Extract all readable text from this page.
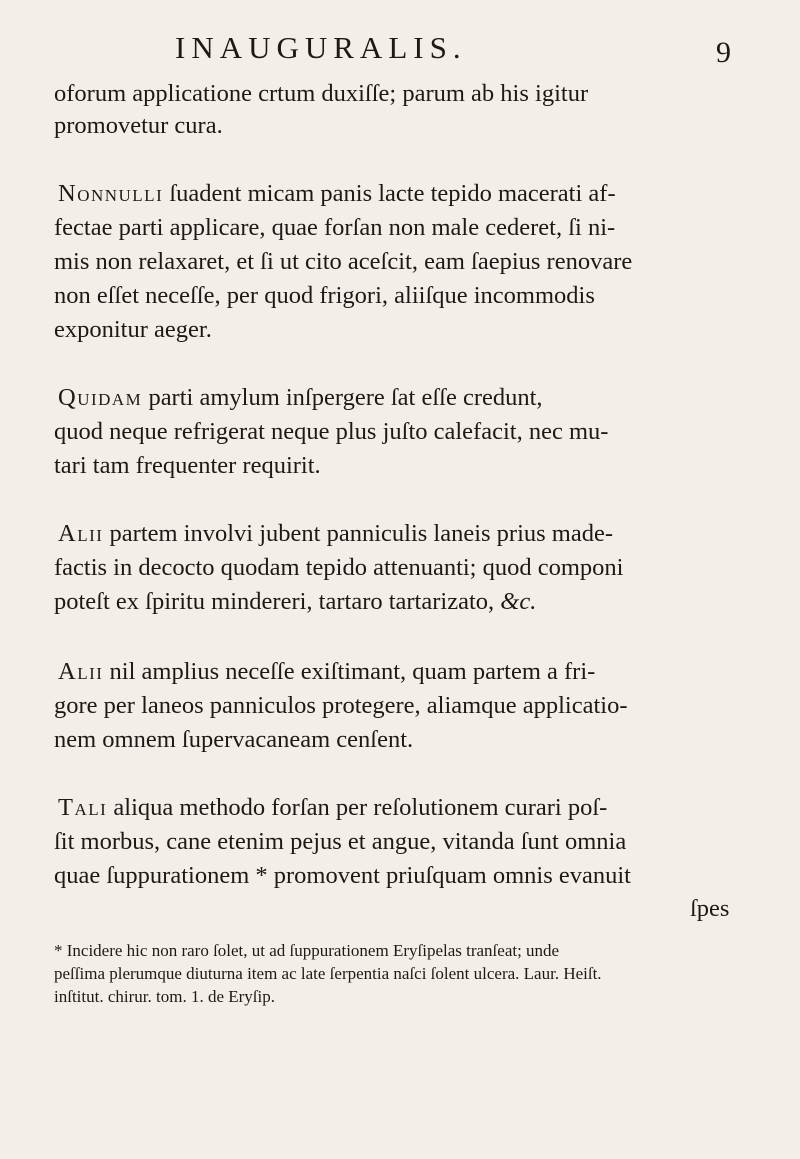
INAUGURALIS.	9
oforum applicatione crtum duxiſſe; parum ab his igitur
promovetur cura.
Nonnulli ſuadent micam panis lacte tepido macerati af-
fectae parti applicare, quae forſan non male cederet, ſi ni-
mis non relaxaret, et ſi ut cito aceſcit, eam ſaepius renovare
non eſſet neceſſe, per quod frigori, aliiſque incommodis
exponitur aeger.
Quidam parti amylum inſpergere ſat eſſe credunt,
quod neque refrigerat neque plus juſto calefacit, nec mu-
tari tam frequenter requirit.
Alii partem involvi jubent panniculis laneis prius made-
factis in decocto quodam tepido attenuanti; quod componi
poteſt ex ſpiritu mindereri, tartaro tartarizato, &c.
Alii nil amplius neceſſe exiſtimant, quam partem a fri-
gore per laneos panniculos protegere, aliamque applicatio-
nem omnem ſupervacaneam cenſent.
Tali aliqua methodo forſan per reſolutionem curari poſ-
ſit morbus, cane etenim pejus et angue, vitanda ſunt omnia
quae ſuppurationem * promovent priuſquam omnis evanuit
ſpes
* Incidere hic non raro ſolet, ut ad ſuppurationem Eryſipelas tranſeat; unde
peſſima plerumque diuturna item ac late ſerpentia naſci ſolent ulcera. Laur. Heiſt.
inſtitut. chirur. tom. 1. de Eryſip.
